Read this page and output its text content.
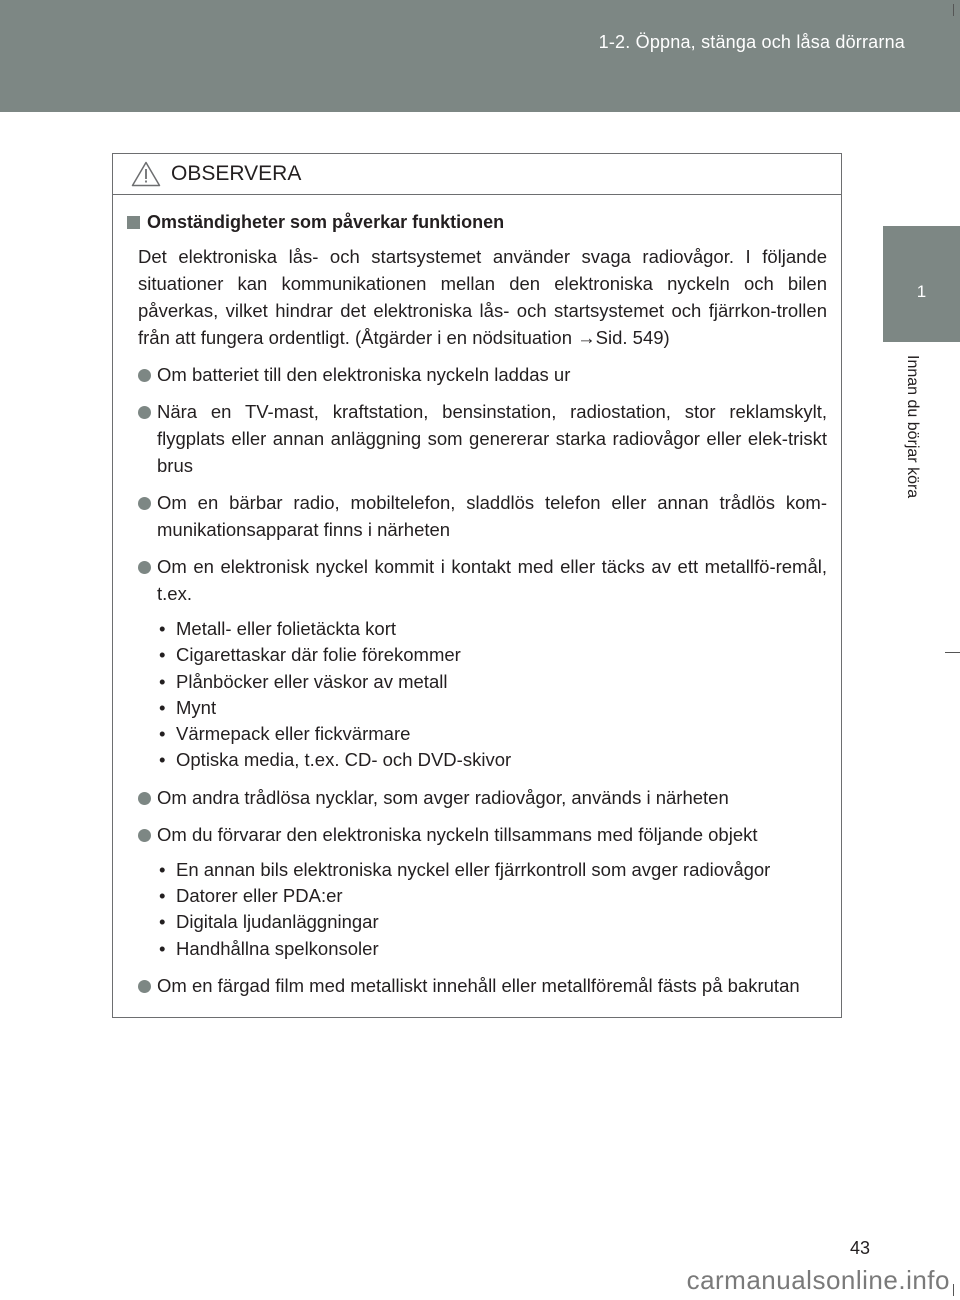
1-2. Öppna, stänga och låsa dörrarna
1
Innan du börjar köra
OBSERVERA
Omständigheter som påverkar funktionen
Det elektroniska lås- och startsystemet använder svaga radiovågor. I följande situationer kan kommunikationen mellan den elektroniska nyckeln och bilen påverkas, vilket hindrar det elektroniska lås- och startsystemet och fjärrkon-trollen från att fungera ordentligt. (Åtgärder i en nödsituation →Sid. 549)
Om batteriet till den elektroniska nyckeln laddas ur
Nära en TV-mast, kraftstation, bensinstation, radiostation, stor reklamskylt, flygplats eller annan anläggning som genererar starka radiovågor eller elek-triskt brus
Om en bärbar radio, mobiltelefon, sladdlös telefon eller annan trådlös kom-munikationsapparat finns i närheten
Om en elektronisk nyckel kommit i kontakt med eller täcks av ett metallfö-remål, t.ex.
• Metall- eller folietäckta kort
• Cigarettaskar där folie förekommer
• Plånböcker eller väskor av metall
• Mynt
• Värmepack eller fickvärmare
• Optiska media, t.ex. CD- och DVD-skivor
Om andra trådlösa nycklar, som avger radiovågor, används i närheten
Om du förvarar den elektroniska nyckeln tillsammans med följande objekt
• En annan bils elektroniska nyckel eller fjärrkontroll som avger radiovågor
• Datorer eller PDA:er
• Digitala ljudanläggningar
• Handhållna spelkonsoler
Om en färgad film med metalliskt innehåll eller metallföremål fästs på bakrutan
43
carmanualsonline.info
